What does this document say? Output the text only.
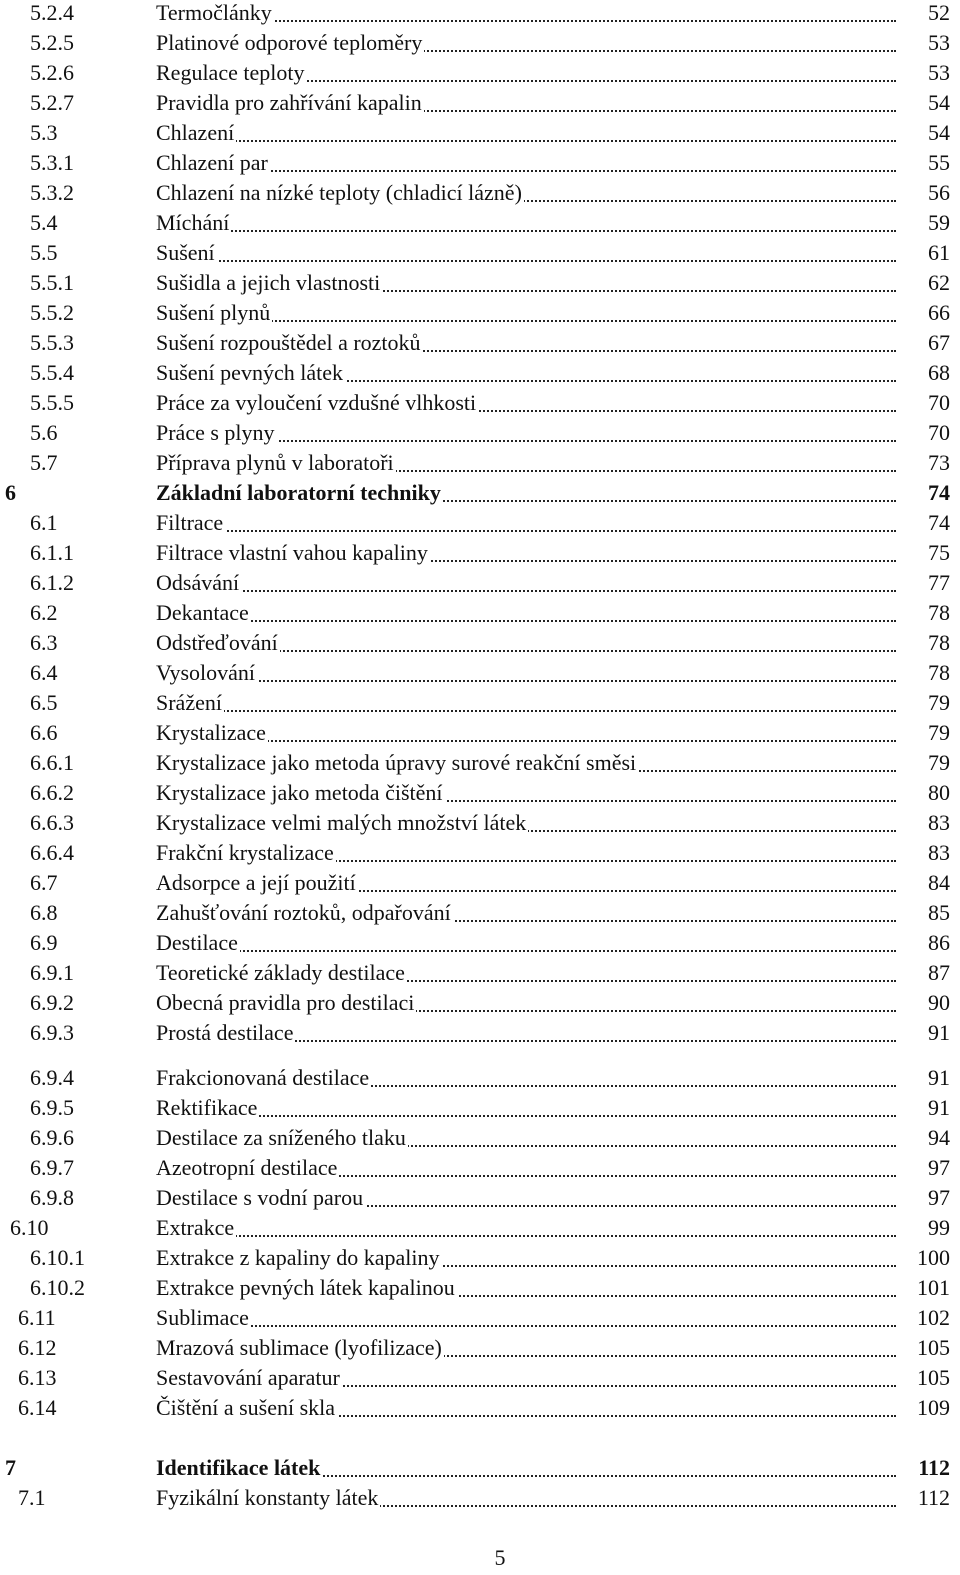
5.2.4	Termočlánky	52
5.2.5	Platinové odporové teploměry	53
5.2.6	Regulace teploty	53
5.2.7	Pravidla pro zahřívání kapalin	54
5.3	Chlazení	54
5.3.1	Chlazení par	55
5.3.2	Chlazení na nízké teploty (chladicí lázně)	56
5.4	Míchání	59
5.5	Sušení	61
5.5.1	Sušidla a jejich vlastnosti	62
5.5.2	Sušení plynů	66
5.5.3	Sušení rozpouštědel a roztoků	67
5.5.4	Sušení pevných látek	68
5.5.5	Práce za vyloučení vzdušné vlhkosti	70
5.6	Práce s plyny	70
5.7	Příprava plynů v laboratoři	73
6	Základní laboratorní techniky	74
6.1	Filtrace	74
6.1.1	Filtrace vlastní vahou kapaliny	75
6.1.2	Odsávání	77
6.2	Dekantace	78
6.3	Odstřeďování	78
6.4	Vysolování	78
6.5	Srážení	79
6.6	Krystalizace	79
6.6.1	Krystalizace jako metoda úpravy surové reakční směsi	79
6.6.2	Krystalizace jako metoda čištění	80
6.6.3	Krystalizace velmi malých množství látek	83
6.6.4	Frakční krystalizace	83
6.7	Adsorpce a její použití	84
6.8	Zahušťování roztoků, odpařování	85
6.9	Destilace	86
6.9.1	Teoretické základy destilace	87
6.9.2	Obecná pravidla pro destilaci	90
6.9.3	Prostá destilace	91
6.9.4	Frakcionovaná destilace	91
6.9.5	Rektifikace	91
6.9.6	Destilace za sníženého tlaku	94
6.9.7	Azeotropní destilace	97
6.9.8	Destilace s vodní parou	97
6.10	Extrakce	99
6.10.1	Extrakce z kapaliny do kapaliny	100
6.10.2	Extrakce pevných látek kapalinou	101
6.11	Sublimace	102
6.12	Mrazová sublimace (lyofilizace)	105
6.13	Sestavování aparatur	105
6.14	Čištění a sušení skla	109
7	Identifikace látek	112
7.1	Fyzikální konstanty látek	112
5
